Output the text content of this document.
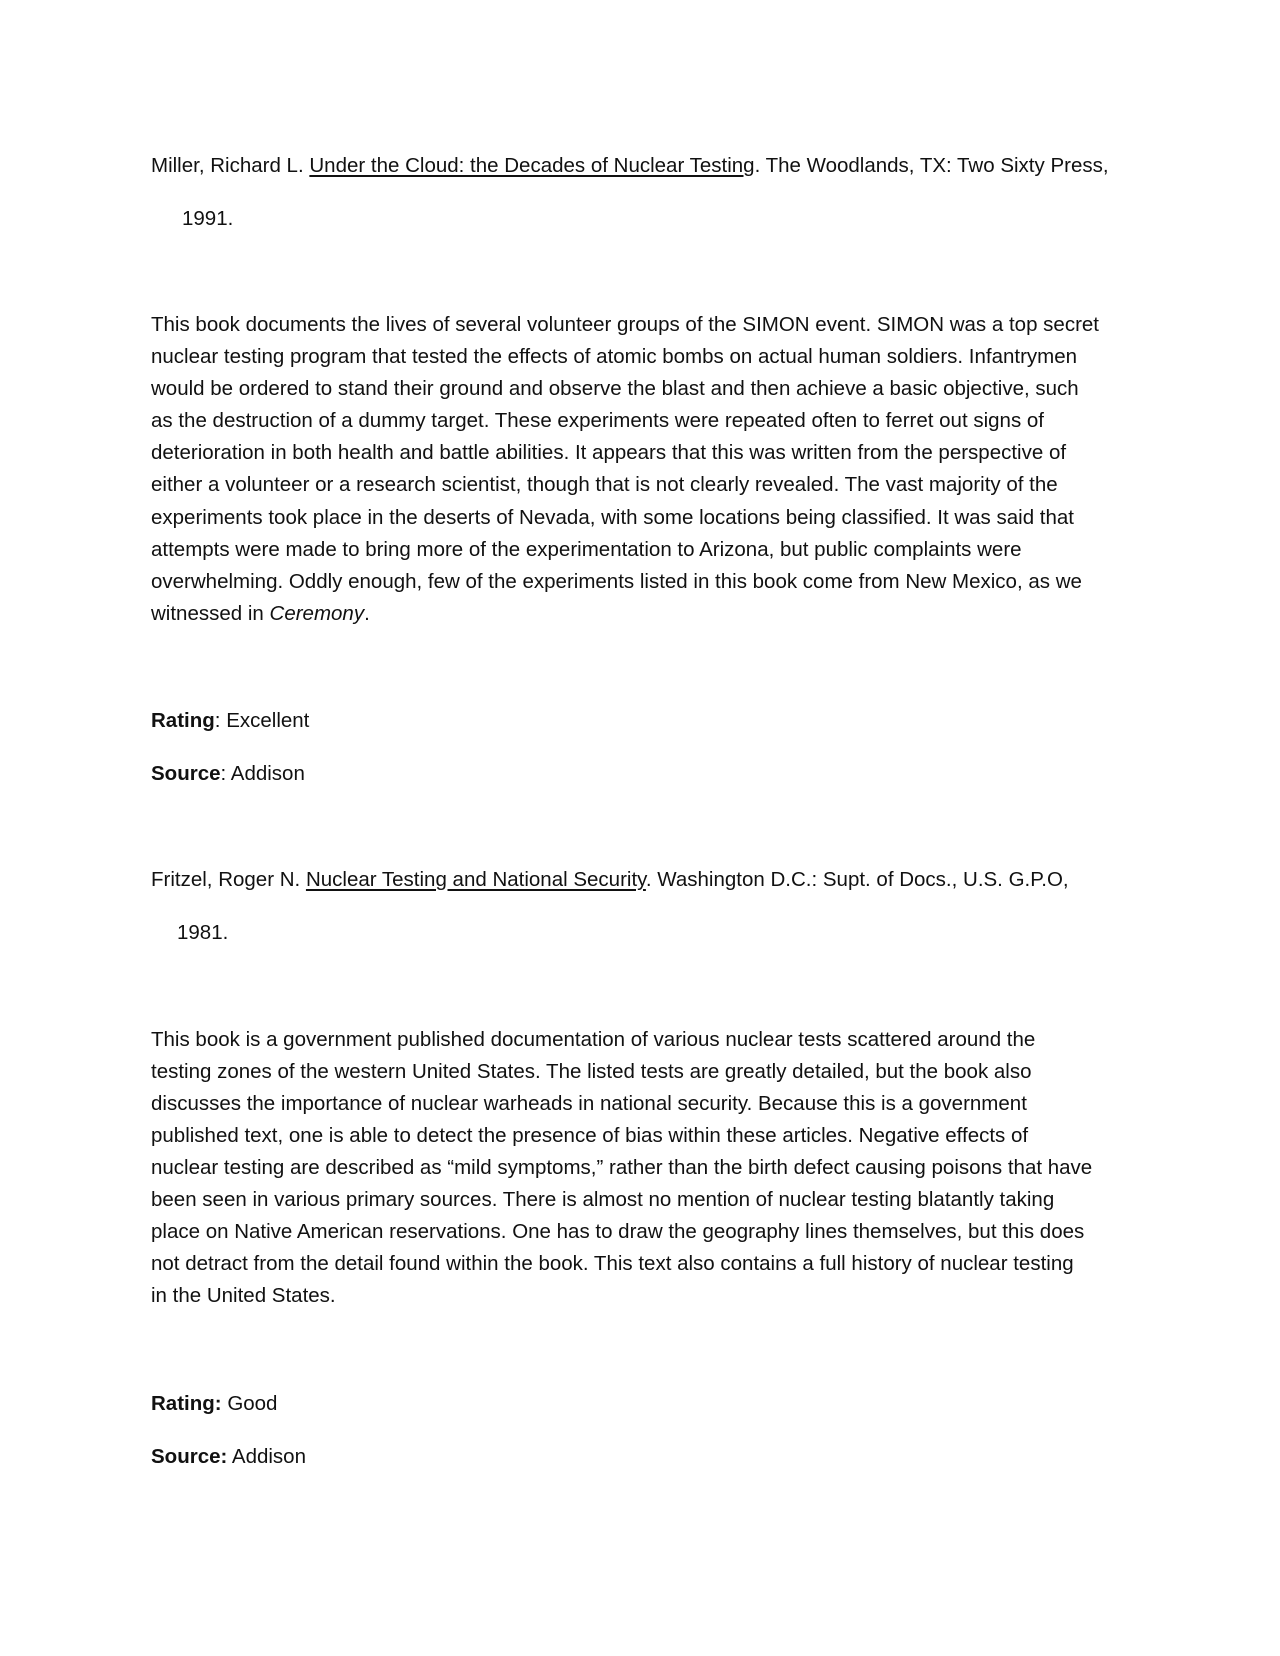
Miller, Richard L. Under the Cloud: the Decades of Nuclear Testing. The Woodlands, TX: Two Sixty Press,
1991.
This book documents the lives of several volunteer groups of the SIMON event. SIMON was a top secret
nuclear testing program that tested the effects of atomic bombs on actual human soldiers. Infantrymen
would be ordered to stand their ground and observe the blast and then achieve a basic objective, such
as the destruction of a dummy target. These experiments were repeated often to ferret out signs of
deterioration in both health and battle abilities. It appears that this was written from the perspective of
either a volunteer or a research scientist, though that is not clearly revealed. The vast majority of the
experiments took place in the deserts of Nevada, with some locations being classified. It was said that
attempts were made to bring more of the experimentation to Arizona, but public complaints were
overwhelming. Oddly enough, few of the experiments listed in this book come from New Mexico, as we
witnessed in Ceremony.
Rating: Excellent
Source: Addison
Fritzel, Roger N. Nuclear Testing and National Security. Washington D.C.: Supt. of Docs., U.S. G.P.O,
1981.
This book is a government published documentation of various nuclear tests scattered around the
testing zones of the western United States. The listed tests are greatly detailed, but the book also
discusses the importance of nuclear warheads in national security. Because this is a government
published text, one is able to detect the presence of bias within these articles. Negative effects of
nuclear testing are described as “mild symptoms,” rather than the birth defect causing poisons that have
been seen in various primary sources. There is almost no mention of nuclear testing blatantly taking
place on Native American reservations. One has to draw the geography lines themselves, but this does
not detract from the detail found within the book. This text also contains a full history of nuclear testing
in the United States.
Rating: Good
Source: Addison
